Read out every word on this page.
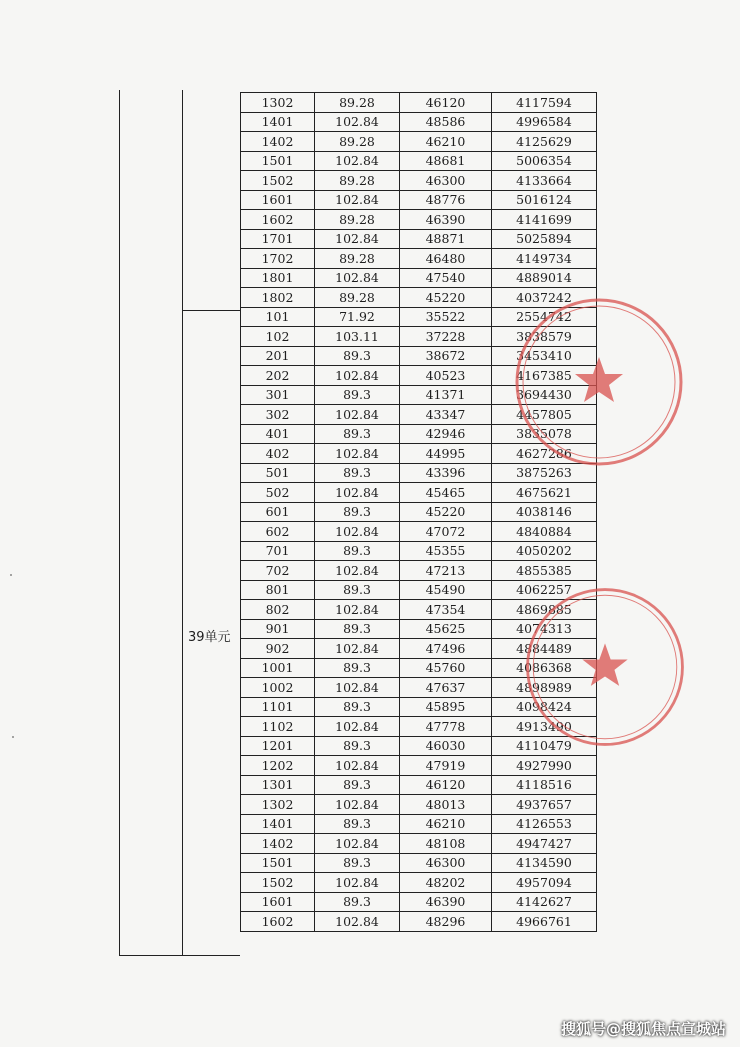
39单元
1302	89.28	46120	4117594
1401	102.84	48586	4996584
1402	89.28	46210	4125629
1501	102.84	48681	5006354
1502	89.28	46300	4133664
1601	102.84	48776	5016124
1602	89.28	46390	4141699
1701	102.84	48871	5025894
1702	89.28	46480	4149734
1801	102.84	47540	4889014
1802	89.28	45220	4037242
101	71.92	35522	2554742
102	103.11	37228	3838579
201	89.3	38672	3453410
202	102.84	40523	4167385
301	89.3	41371	3694430
302	102.84	43347	4457805
401	89.3	42946	3835078
402	102.84	44995	4627286
501	89.3	43396	3875263
502	102.84	45465	4675621
601	89.3	45220	4038146
602	102.84	47072	4840884
701	89.3	45355	4050202
702	102.84	47213	4855385
801	89.3	45490	4062257
802	102.84	47354	4869885
901	89.3	45625	4074313
902	102.84	47496	4884489
1001	89.3	45760	4086368
1002	102.84	47637	4898989
1101	89.3	45895	4098424
1102	102.84	47778	4913490
1201	89.3	46030	4110479
1202	102.84	47919	4927990
1301	89.3	46120	4118516
1302	102.84	48013	4937657
1401	89.3	46210	4126553
1402	102.84	48108	4947427
1501	89.3	46300	4134590
1502	102.84	48202	4957094
1601	89.3	46390	4142627
1602	102.84	48296	4966761
搜狐号@搜狐焦点宣城站
